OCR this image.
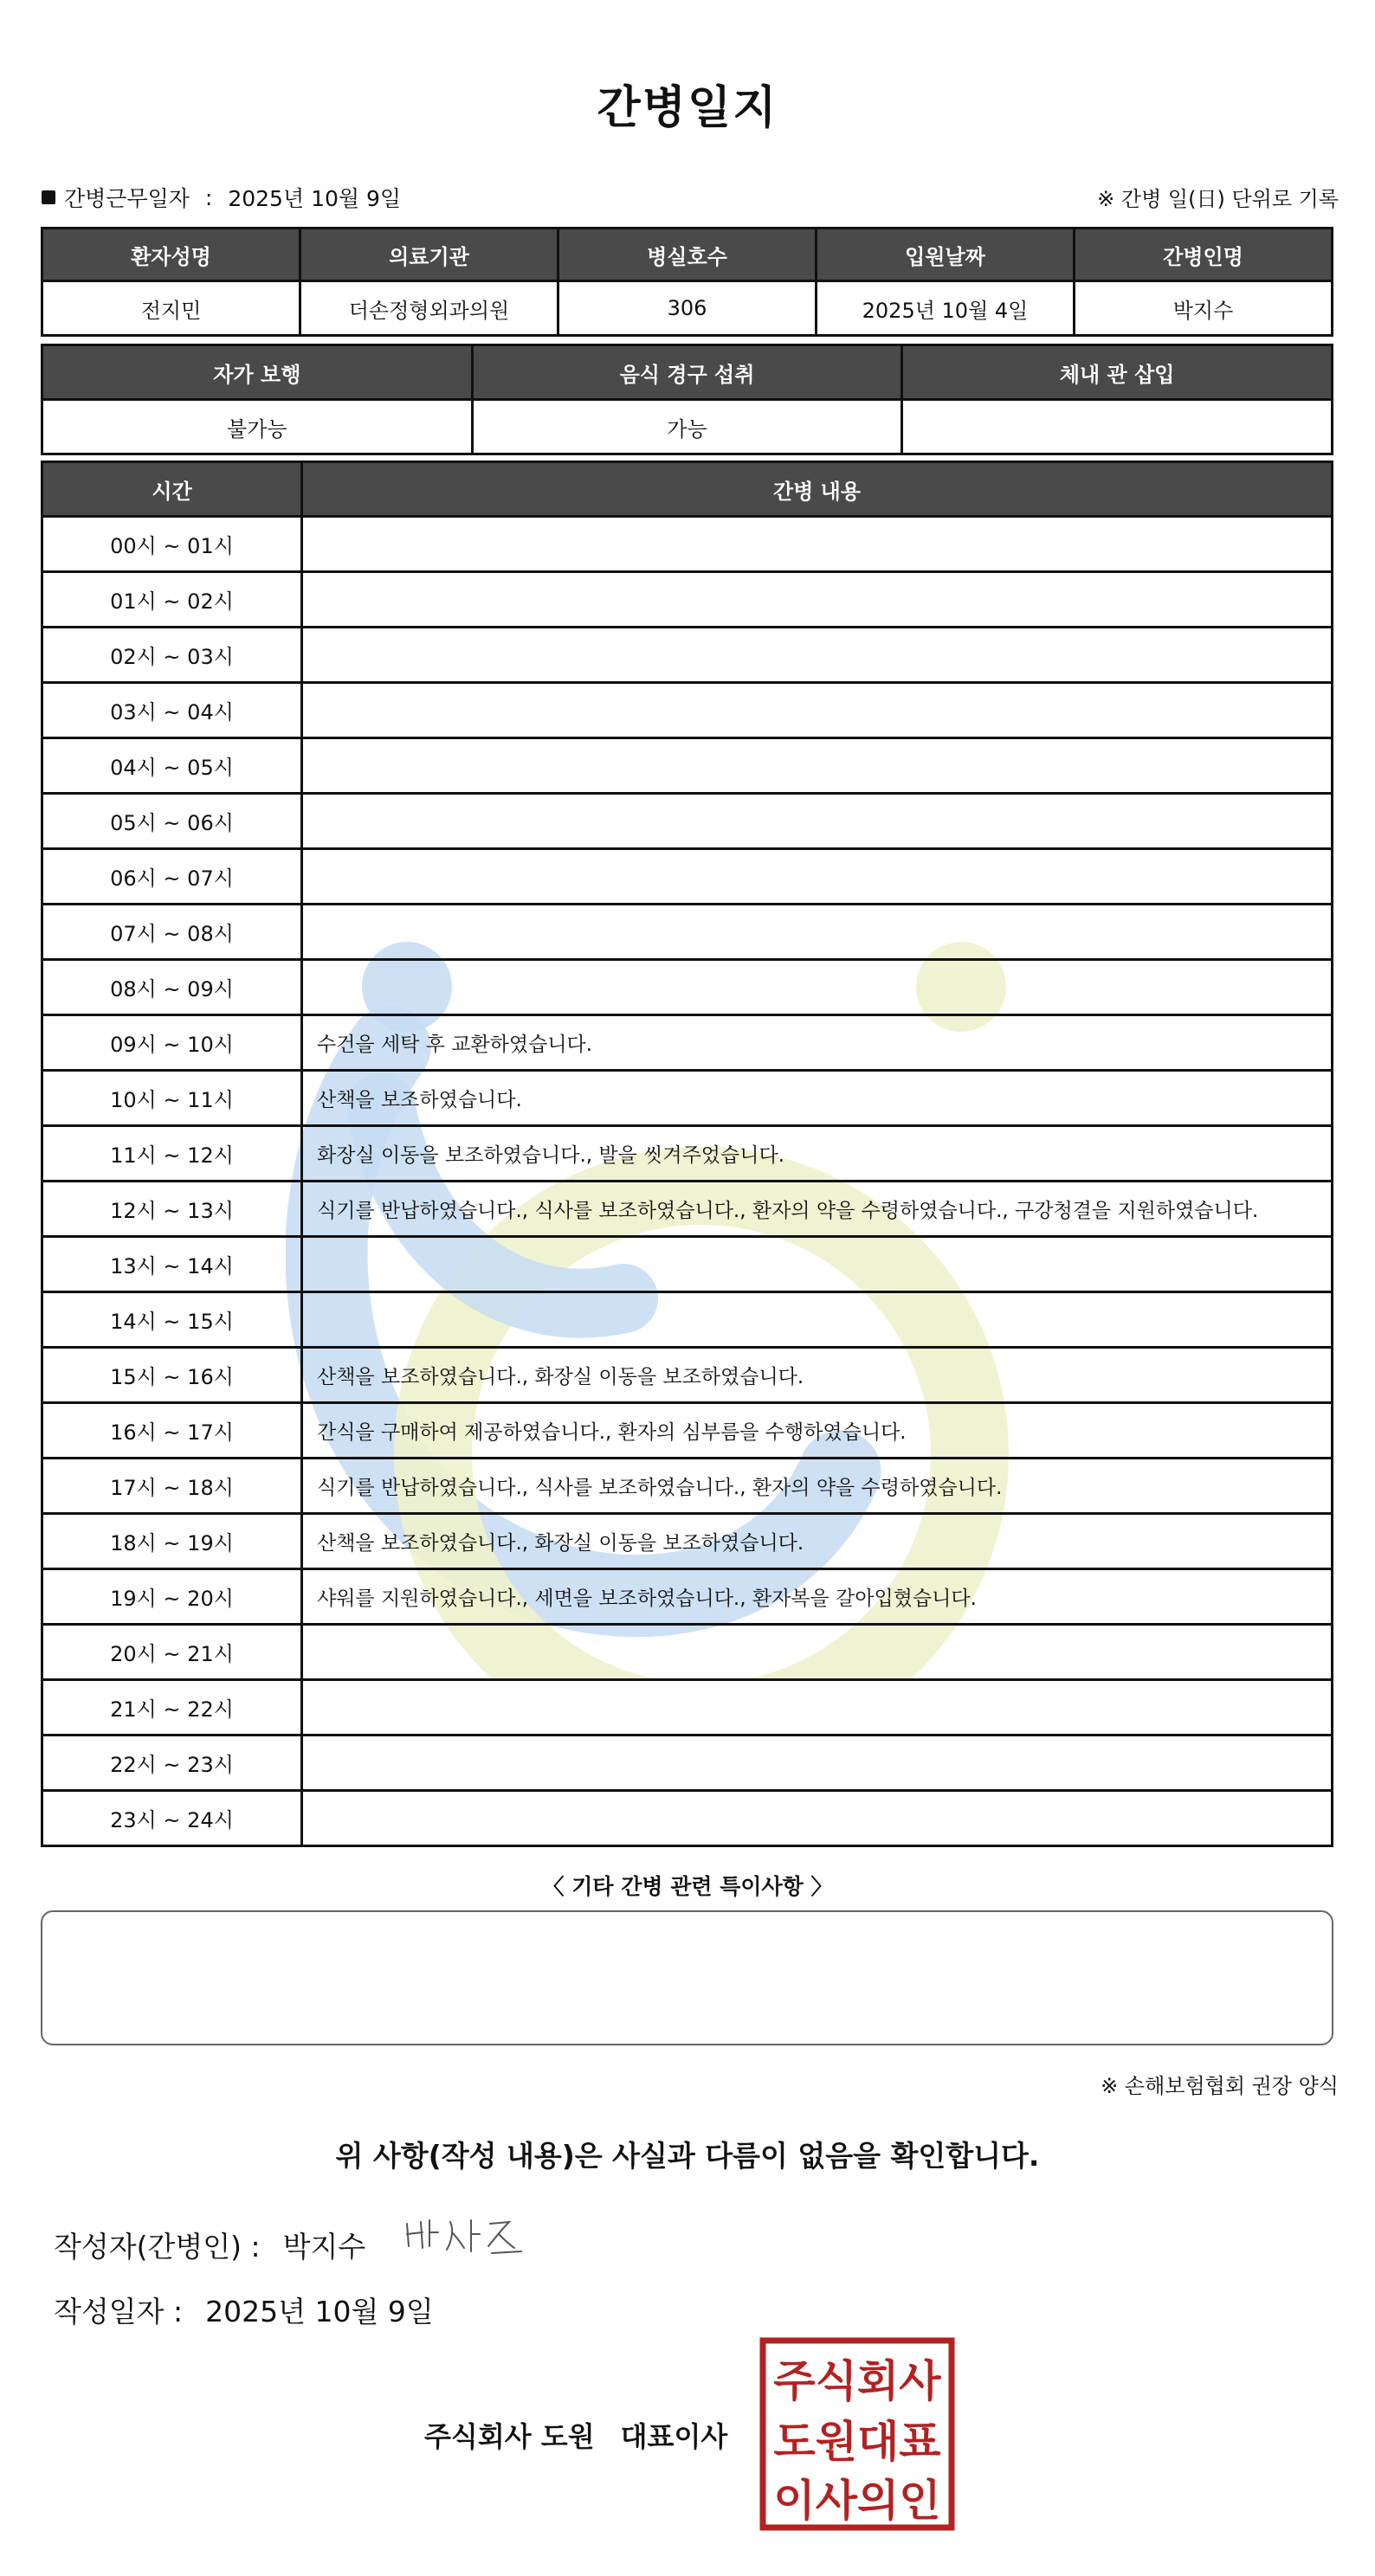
간병일지
간병근무일자 : 2025년 10월 9일	※ 간병 일(日) 단위로 기록
환자성명	의료기관	병실호수	입원날짜	간병인명
전지민	더손정형외과의원	306	2025년 10월 4일	박지수
자가 보행	음식 경구 섭취	체내 관 삽입
불가능	가능	
시간	간병 내용
00시 ~ 01시	
01시 ~ 02시	
02시 ~ 03시	
03시 ~ 04시	
04시 ~ 05시	
05시 ~ 06시	
06시 ~ 07시	
07시 ~ 08시	
08시 ~ 09시	
09시 ~ 10시	수건을 세탁 후 교환하였습니다.
10시 ~ 11시	산책을 보조하였습니다.
11시 ~ 12시	화장실 이동을 보조하였습니다., 발을 씻겨주었습니다.
12시 ~ 13시	식기를 반납하였습니다., 식사를 보조하였습니다., 환자의 약을 수령하였습니다., 구강청결을 지원하였습니다.
13시 ~ 14시	
14시 ~ 15시	
15시 ~ 16시	산책을 보조하였습니다., 화장실 이동을 보조하였습니다.
16시 ~ 17시	간식을 구매하여 제공하였습니다., 환자의 심부름을 수행하였습니다.
17시 ~ 18시	식기를 반납하였습니다., 식사를 보조하였습니다., 환자의 약을 수령하였습니다.
18시 ~ 19시	산책을 보조하였습니다., 화장실 이동을 보조하였습니다.
19시 ~ 20시	샤워를 지원하였습니다., 세면을 보조하였습니다., 환자복을 갈아입혔습니다.
20시 ~ 21시	
21시 ~ 22시	
22시 ~ 23시	
23시 ~ 24시	
〈 기타 간병 관련 특이사항 〉
※ 손해보험협회 권장 양식
위 사항(작성 내용)은 사실과 다름이 없음을 확인합니다.
작성자(간병인) : 박지수
작성일자 : 2025년 10월 9일
주식회사 도원 대표이사
주식회사
도원대표
이사의인
